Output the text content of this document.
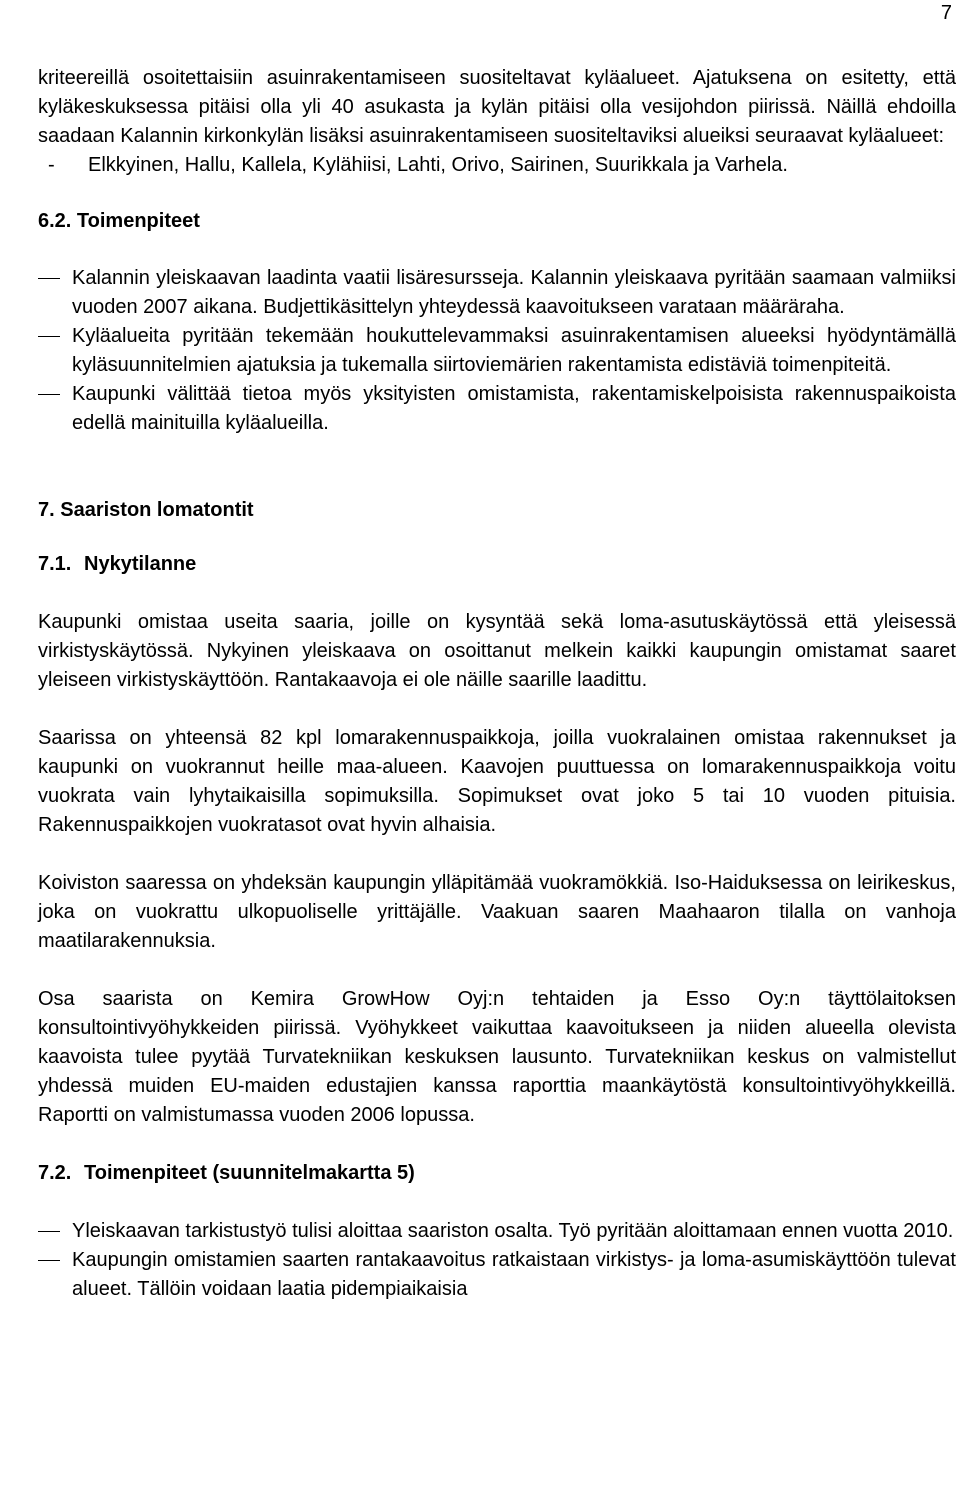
7

kriteereillä osoitettaisiin asuinrakentamiseen suositeltavat kyläalueet. Ajatuksena on esitetty, että kyläkeskuksessa pitäisi olla yli 40 asukasta ja kylän pitäisi olla vesijohdon piirissä. Näillä ehdoilla saadaan Kalannin kirkonkylän lisäksi asuinrakentamiseen suositeltaviksi alueiksi seuraavat kyläalueet:

-	Elkkyinen, Hallu, Kallela, Kylähiisi, Lahti, Orivo, Sairinen, Suurikkala ja Varhela.
6.2. Toimenpiteet
Kalannin yleiskaavan laadinta vaatii lisäresursseja. Kalannin yleiskaava pyritään saamaan valmiiksi vuoden 2007 aikana. Budjettikäsittelyn yhteydessä kaavoitukseen varataan määräraha.
Kyläalueita pyritään tekemään houkuttelevammaksi asuinrakentamisen alueeksi hyödyntämällä kyläsuunnitelmien ajatuksia ja tukemalla siirtoviemärien rakentamista edistäviä toimenpiteitä.
Kaupunki välittää tietoa myös yksityisten omistamista, rakentamiskelpoisista rakennuspaikoista edellä mainituilla kyläalueilla.
7. Saariston lomatontit
7.1. Nykytilanne

Kaupunki omistaa useita saaria, joille on kysyntää sekä loma-asutuskäytössä että yleisessä virkistyskäytössä. Nykyinen yleiskaava on osoittanut melkein kaikki kaupungin omistamat saaret yleiseen virkistyskäyttöön. Rantakaavoja ei ole näille saarille laadittu.

Saarissa on yhteensä 82 kpl lomarakennuspaikkoja, joilla vuokralainen omistaa rakennukset ja kaupunki on vuokrannut heille maa-alueen. Kaavojen puuttuessa on lomarakennuspaikkoja voitu vuokrata vain lyhytaikaisilla sopimuksilla. Sopimukset ovat joko 5 tai 10 vuoden pituisia. Rakennuspaikkojen vuokratasot ovat hyvin alhaisia.

Koiviston saaressa on yhdeksän kaupungin ylläpitämää vuokramökkiä. Iso-Haiduksessa on leirikeskus, joka on vuokrattu ulkopuoliselle yrittäjälle. Vaakuan saaren Maahaaron tilalla on vanhoja maatilarakennuksia.

Osa saarista on Kemira GrowHow Oyj:n tehtaiden ja Esso Oy:n täyttölaitoksen konsultointivyöhykkeiden piirissä. Vyöhykkeet vaikuttaa kaavoitukseen ja niiden alueella olevista kaavoista tulee pyytää Turvatekniikan keskuksen lausunto. Turvatekniikan keskus on valmistellut yhdessä muiden EU-maiden edustajien kanssa raporttia maankäytöstä konsultointivyöhykkeillä. Raportti on valmistumassa vuoden 2006 lopussa.

7.2. Toimenpiteet (suunnitelmakartta 5)
Yleiskaavan tarkistustyö tulisi aloittaa saariston osalta. Työ pyritään aloittamaan ennen vuotta 2010.
Kaupungin omistamien saarten rantakaavoitus ratkaistaan virkistys- ja loma-asumiskäyttöön tulevat alueet. Tällöin voidaan laatia pidempiaikaisia
